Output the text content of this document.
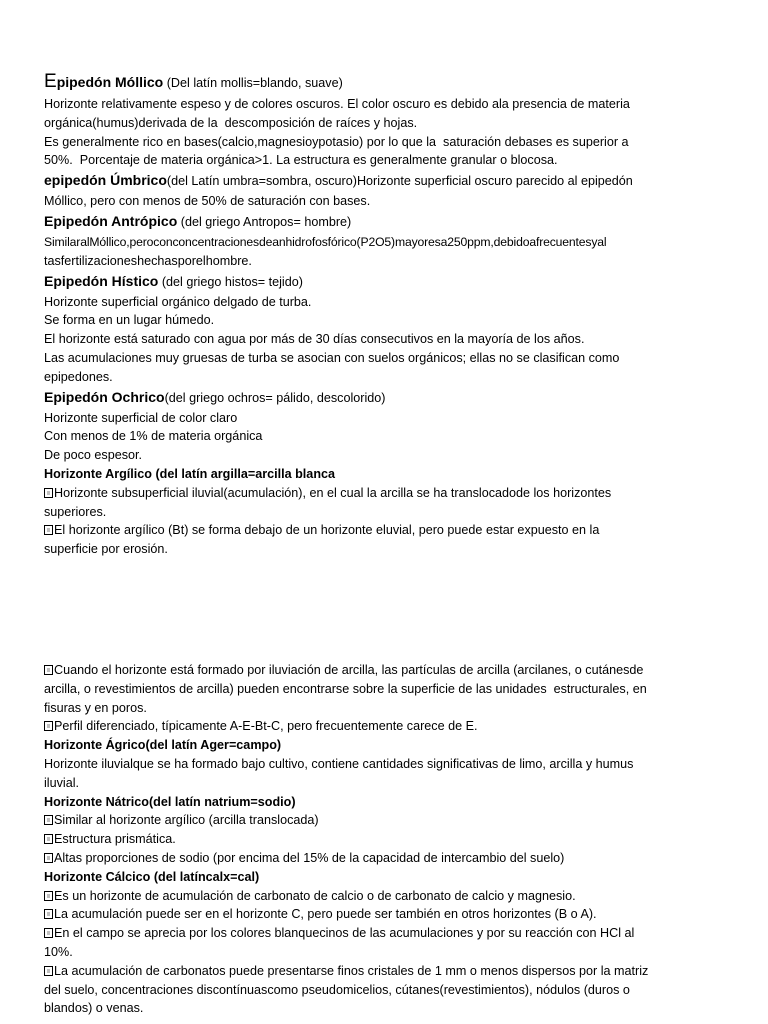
Epipedón Móllico (Del latín mollis=blando, suave)
Horizonte relativamente espeso y de colores oscuros. El color oscuro es debido ala presencia de materia
orgánica(humus)derivada de la  descomposición de raíces y hojas.
Es generalmente rico en bases(calcio,magnesioypotasio) por lo que la  saturación debases es superior a
50%.  Porcentaje de materia orgánica>1. La estructura es generalmente granular o blocosa.
epipedón Úmbrico(del Latín umbra=sombra, oscuro)Horizonte superficial oscuro parecido al epipedón
Móllico, pero con menos de 50% de saturación con bases.
Epipedón Antrópico (del griego Antropos= hombre)
SimilaralMóllico,peroconconcentracionesdeanhidrofosfórico(P2O5)mayoresa250ppm,debidoafrecuentesyal
tasfertilizacioneshechasporelhombre.
Epipedón Hístico (del griego histos= tejido)
Horizonte superficial orgánico delgado de turba.
Se forma en un lugar húmedo.
El horizonte está saturado con agua por más de 30 días consecutivos en la mayoría de los años.
Las acumulaciones muy gruesas de turba se asocian con suelos orgánicos; ellas no se clasifican como
epipedones.
Epipedón Ochrico(del griego ochros= pálido, descolorido)
Horizonte superficial de color claro
Con menos de 1% de materia orgánica
De poco espesor.
Horizonte Argílico (del latín argilla=arcilla blanca
Horizonte subsuperficial iluvial(acumulación), en el cual la arcilla se ha translocadode los horizontes
superiores.
El horizonte argílico (Bt) se forma debajo de un horizonte eluvial, pero puede estar expuesto en la
superficie por erosión.
Cuando el horizonte está formado por iluviación de arcilla, las partículas de arcilla (arcilanes, o cutánesde
arcilla, o revestimientos de arcilla) pueden encontrarse sobre la superficie de las unidades  estructurales, en
fisuras y en poros.
Perfil diferenciado, típicamente A-E-Bt-C, pero frecuentemente carece de E.
Horizonte Ágrico(del latín Ager=campo)
Horizonte iluvialque se ha formado bajo cultivo, contiene cantidades significativas de limo, arcilla y humus
iluvial.
Horizonte Nátrico(del latín natrium=sodio)
Similar al horizonte argílico (arcilla translocada)
Estructura prismática.
Altas proporciones de sodio (por encima del 15% de la capacidad de intercambio del suelo)
Horizonte Cálcico (del latíncalx=cal)
Es un horizonte de acumulación de carbonato de calcio o de carbonato de calcio y magnesio.
La acumulación puede ser en el horizonte C, pero puede ser también en otros horizontes (B o A).
En el campo se aprecia por los colores blanquecinos de las acumulaciones y por su reacción con HCl al
10%.
La acumulación de carbonatos puede presentarse finos cristales de 1 mm o menos dispersos por la matriz
del suelo, concentraciones discontínuascomo pseudomicelios, cútanes(revestimientos), nódulos (duros o
blandos) o venas.
